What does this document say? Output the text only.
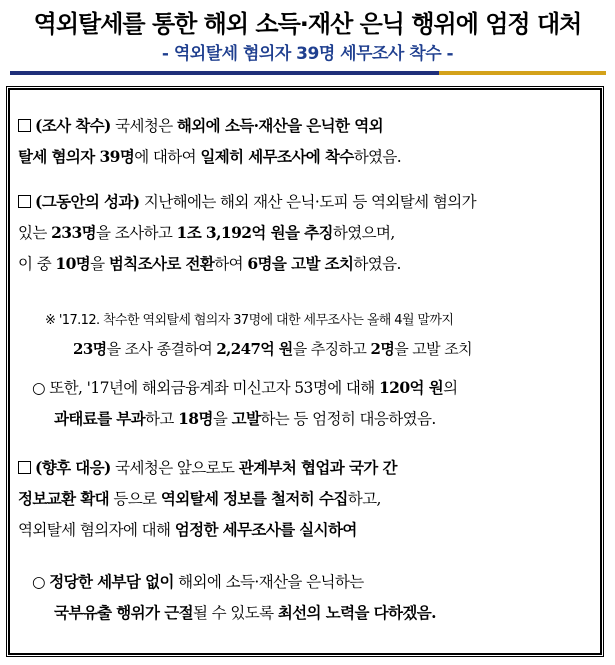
역외탈세를 통한 해외 소득·재산 은닉 행위에 엄정 대처
- 역외탈세 혐의자 39명 세무조사 착수 -
(조사 착수) 국세청은 해외에 소득·재산을 은닉한 역외
탈세 혐의자 39명에 대하여 일제히 세무조사에 착수하였음.
(그동안의 성과) 지난해에는 해외 재산 은닉·도피 등 역외탈세 혐의가
있는 233명을 조사하고 1조 3,192억 원을 추징하였으며,
이 중 10명을 범칙조사로 전환하여 6명을 고발 조치하였음.
※ '17.12. 착수한 역외탈세 혐의자 37명에 대한 세무조사는 올해 4월 말까지
23명을 조사 종결하여 2,247억 원을 추징하고 2명을 고발 조치
○ 또한, '17년에 해외금융계좌 미신고자 53명에 대해 120억 원의
과태료를 부과하고 18명을 고발하는 등 엄정히 대응하였음.
(향후 대응) 국세청은 앞으로도 관계부처 협업과 국가 간
정보교환 확대 등으로 역외탈세 정보를 철저히 수집하고,
역외탈세 혐의자에 대해 엄정한 세무조사를 실시하여
○ 정당한 세부담 없이 해외에 소득·재산을 은닉하는
국부유출 행위가 근절될 수 있도록 최선의 노력을 다하겠음.
